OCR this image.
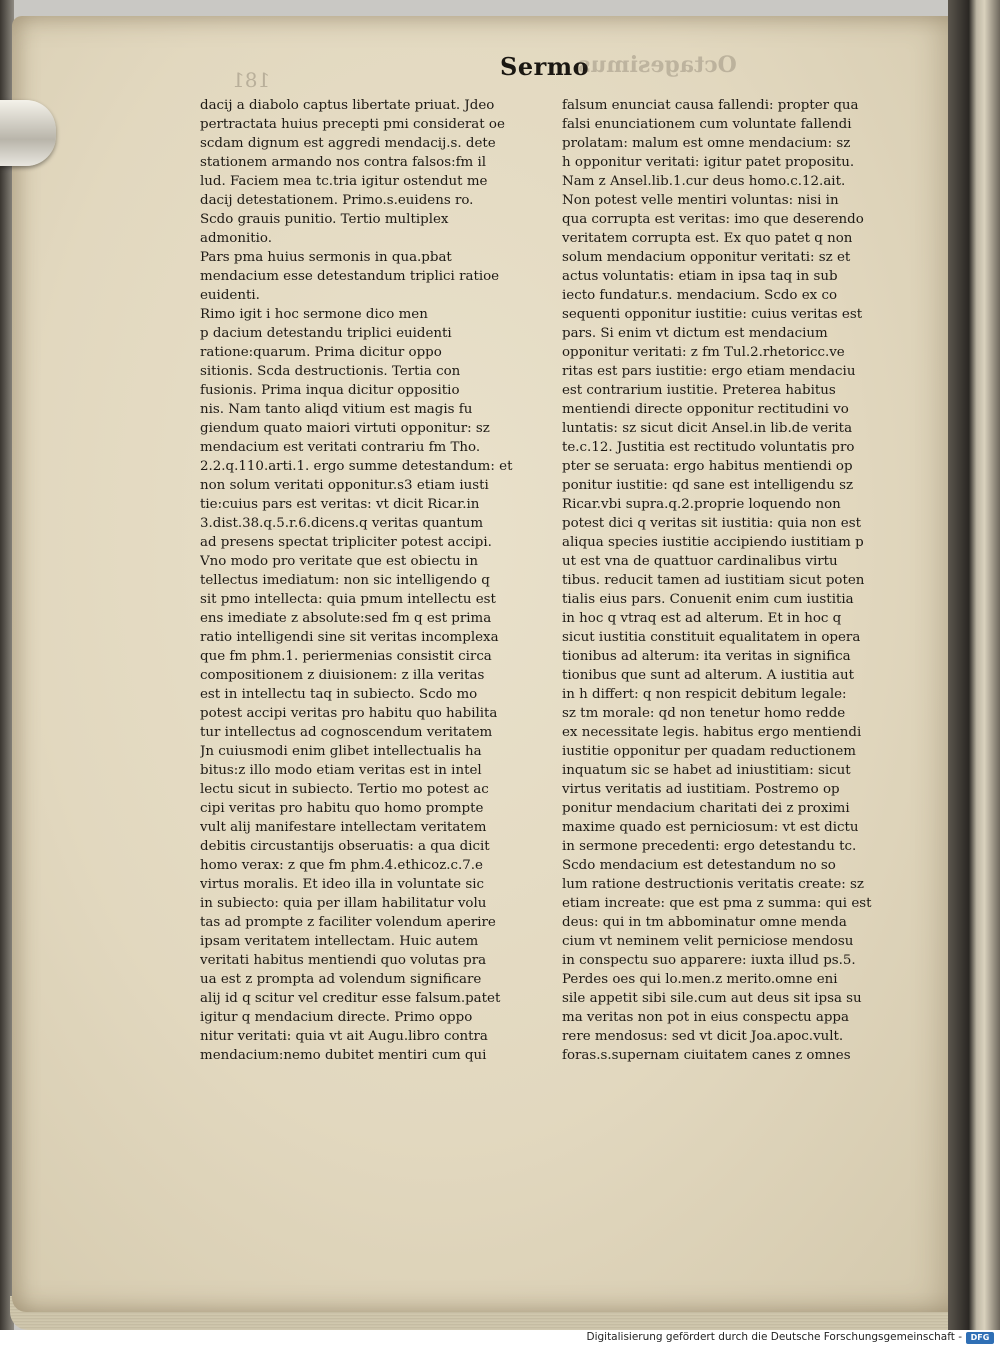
181	Sermo
Octagesimus
dacij a diabolo captus libertate priuat. Jdeo
pertractata huius precepti pmi considerat oe
scdam dignum est aggredi mendacij.s. dete
stationem armando nos contra falsos:fm il
lud. Faciem mea tc.tria igitur ostendut me
dacij detestationem. Primo.s.euidens ro.
Scdo grauis punitio. Tertio multiplex
admonitio.
Pars pma huius sermonis in qua.pbat
mendacium esse detestandum triplici ratioe
euidenti.
Rimo igit i hoc sermone dico men
p dacium detestandu triplici euidenti
ratione:quarum. Prima dicitur oppo
sitionis. Scda destructionis. Tertia con
fusionis. Prima inqua dicitur oppositio
nis. Nam tanto aliqd vitium est magis fu
giendum quato maiori virtuti opponitur: sz
mendacium est veritati contrariu fm Tho.
2.2.q.110.arti.1. ergo summe detestandum: et
non solum veritati opponitur.s3 etiam iusti
tie:cuius pars est veritas: vt dicit Ricar.in
3.dist.38.q.5.r.6.dicens.q veritas quantum
ad presens spectat tripliciter potest accipi.
Vno modo pro veritate que est obiectu in
tellectus imediatum: non sic intelligendo q
sit pmo intellecta: quia pmum intellectu est
ens imediate z absolute:sed fm q est prima
ratio intelligendi sine sit veritas incomplexa
que fm phm.1. periermenias consistit circa
compositionem z diuisionem: z illa veritas
est in intellectu taq in subiecto. Scdo mo
potest accipi veritas pro habitu quo habilita
tur intellectus ad cognoscendum veritatem
Jn cuiusmodi enim glibet intellectualis ha
bitus:z illo modo etiam veritas est in intel
lectu sicut in subiecto. Tertio mo potest ac
cipi veritas pro habitu quo homo prompte
vult alij manifestare intellectam veritatem
debitis circustantijs obseruatis: a qua dicit
homo verax: z que fm phm.4.ethicoz.c.7.e
virtus moralis. Et ideo illa in voluntate sic
in subiecto: quia per illam habilitatur volu
tas ad prompte z faciliter volendum aperire
ipsam veritatem intellectam. Huic autem
veritati habitus mentiendi quo volutas pra
ua est z prompta ad volendum significare
alij id q scitur vel creditur esse falsum.patet
igitur q mendacium directe. Primo oppo
nitur veritati: quia vt ait Augu.libro contra
mendacium:nemo dubitet mentiri cum qui
falsum enunciat causa fallendi: propter qua
falsi enunciationem cum voluntate fallendi
prolatam: malum est omne mendacium: sz
h opponitur veritati: igitur patet propositu.
Nam z Ansel.lib.1.cur deus homo.c.12.ait.
Non potest velle mentiri voluntas: nisi in
qua corrupta est veritas: imo que deserendo
veritatem corrupta est. Ex quo patet q non
solum mendacium opponitur veritati: sz et
actus voluntatis: etiam in ipsa taq in sub
iecto fundatur.s. mendacium. Scdo ex co
sequenti opponitur iustitie: cuius veritas est
pars. Si enim vt dictum est mendacium
opponitur veritati: z fm Tul.2.rhetoricc.ve
ritas est pars iustitie: ergo etiam mendaciu
est contrarium iustitie. Preterea habitus
mentiendi directe opponitur rectitudini vo
luntatis: sz sicut dicit Ansel.in lib.de verita
te.c.12. Justitia est rectitudo voluntatis pro
pter se seruata: ergo habitus mentiendi op
ponitur iustitie: qd sane est intelligendu sz
Ricar.vbi supra.q.2.proprie loquendo non
potest dici q veritas sit iustitia: quia non est
aliqua species iustitie accipiendo iustitiam p
ut est vna de quattuor cardinalibus virtu
tibus. reducit tamen ad iustitiam sicut poten
tialis eius pars. Conuenit enim cum iustitia
in hoc q vtraq est ad alterum. Et in hoc q
sicut iustitia constituit equalitatem in opera
tionibus ad alterum: ita veritas in significa
tionibus que sunt ad alterum. A iustitia aut
in h differt: q non respicit debitum legale:
sz tm morale: qd non tenetur homo redde
ex necessitate legis. habitus ergo mentiendi
iustitie opponitur per quadam reductionem
inquatum sic se habet ad iniustitiam: sicut
virtus veritatis ad iustitiam. Postremo op
ponitur mendacium charitati dei z proximi
maxime quado est perniciosum: vt est dictu
in sermone precedenti: ergo detestandu tc.
Scdo mendacium est detestandum no so
lum ratione destructionis veritatis create: sz
etiam increate: que est pma z summa: qui est
deus: qui in tm abbominatur omne menda
cium vt neminem velit perniciose mendosu
in conspectu suo apparere: iuxta illud ps.5.
Perdes oes qui lo.men.z merito.omne eni
sile appetit sibi sile.cum aut deus sit ipsa su
ma veritas non pot in eius conspectu appa
rere mendosus: sed vt dicit Joa.apoc.vult.
foras.s.supernam ciuitatem canes z omnes
Digitalisierung gefördert durch die Deutsche Forschungsgemeinschaft -	DFG
